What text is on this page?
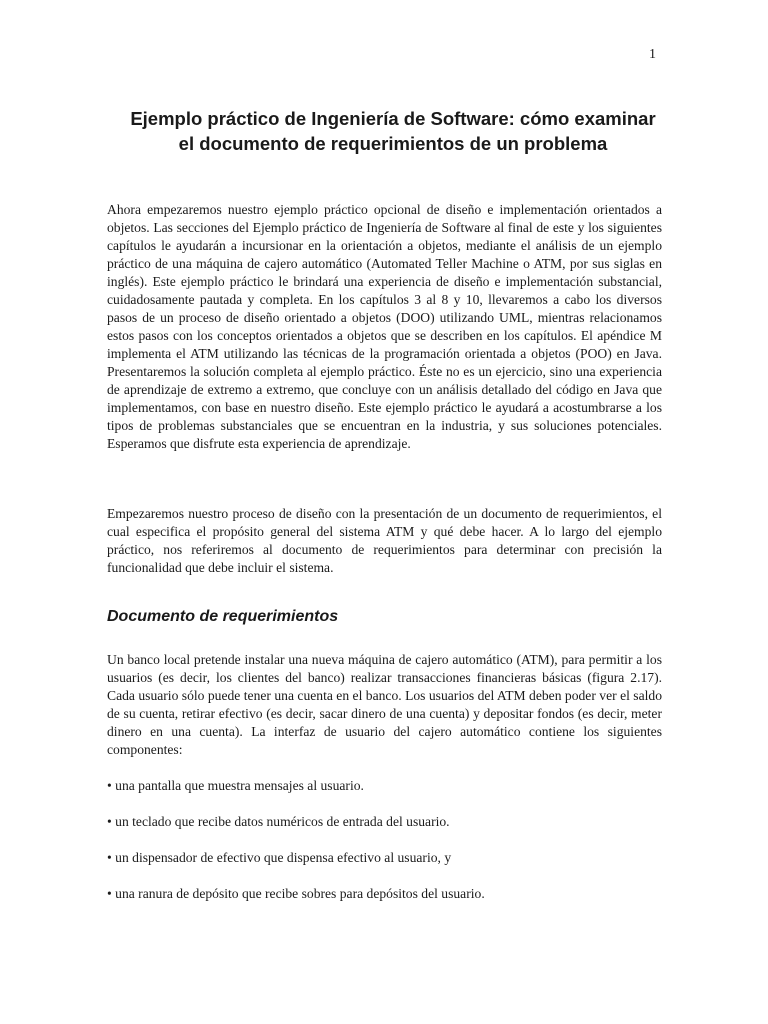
1
Ejemplo práctico de Ingeniería de Software: cómo examinar el documento de requerimientos de un problema

Ahora empezaremos nuestro ejemplo práctico opcional de diseño e implementación orientados a objetos. Las secciones del Ejemplo práctico de Ingeniería de Software al final de este y los siguientes capítulos le ayudarán a incursionar en la orientación a objetos, mediante el análisis de un ejemplo práctico de una máquina de cajero automático (Automated Teller Machine o ATM, por sus siglas en inglés). Este ejemplo práctico le brindará una experiencia de diseño e implementación substancial, cuidadosamente pautada y completa. En los capítulos 3 al 8 y 10, llevaremos a cabo los diversos pasos de un proceso de diseño orientado a objetos (DOO) utilizando UML, mientras relacionamos estos pasos con los conceptos orientados a objetos que se describen en los capítulos. El apéndice M implementa el ATM utilizando las técnicas de la programación orientada a objetos (POO) en Java. Presentaremos la solución completa al ejemplo práctico. Éste no es un ejercicio, sino una experiencia de aprendizaje de extremo a extremo, que concluye con un análisis detallado del código en Java que implementamos, con base en nuestro diseño. Este ejemplo práctico le ayudará a acostumbrarse a los tipos de problemas substanciales que se encuentran en la industria, y sus soluciones potenciales. Esperamos que disfrute esta experiencia de aprendizaje.

Empezaremos nuestro proceso de diseño con la presentación de un documento de requerimientos, el cual especifica el propósito general del sistema ATM y qué debe hacer. A lo largo del ejemplo práctico, nos referiremos al documento de requerimientos para determinar con precisión la funcionalidad que debe incluir el sistema.

Documento de requerimientos

Un banco local pretende instalar una nueva máquina de cajero automático (ATM), para permitir a los usuarios (es decir, los clientes del banco) realizar transacciones financieras básicas (figura 2.17). Cada usuario sólo puede tener una cuenta en el banco. Los usuarios del ATM deben poder ver el saldo de su cuenta, retirar efectivo (es decir, sacar dinero de una cuenta) y depositar fondos (es decir, meter dinero en una cuenta). La interfaz de usuario del cajero automático contiene los siguientes componentes:

• una pantalla que muestra mensajes al usuario.

• un teclado que recibe datos numéricos de entrada del usuario.

• un dispensador de efectivo que dispensa efectivo al usuario, y

• una ranura de depósito que recibe sobres para depósitos del usuario.
